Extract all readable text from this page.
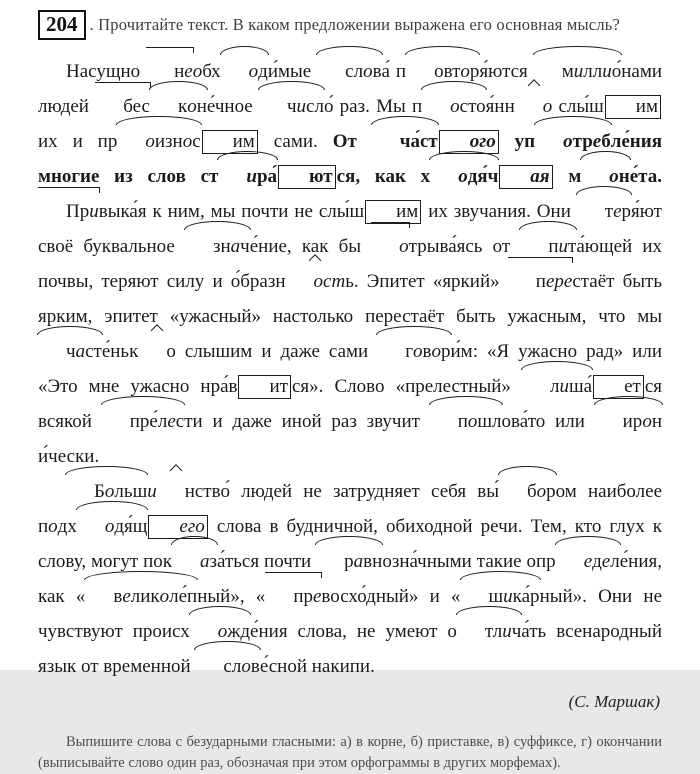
204 . Прочитайте текст. В каком предложении выражена его основная мысль?

Насущно необх оди́мые слова́ п овторя́ются миллио́нами людей бес коне́чное число́ раз. Мы п остоя́нн о слы́ш им их и пр оизнос им сами. От ча́ст ого уп отребле́ния многие из слов ст ира́ ют ся, как х одя́ч ая м оне́та. Привыка́я к ним, мы почти не слы́ш им их звучания. Они теря́ют своё буквальное значе́ние, как бы отрыва́ясь от пита́ющей их почвы, теряют силу и о́бразн ость. Эпитет «яркий» перестаёт быть ярким, эпитет «ужасный» настолько перестаёт быть ужасным, что мы часте́ньк о слышим и даже сами говори́м: «Я ужасно рад» или «Это мне ужасно нра́в ит ся». Слово «прелестный» лиша́ ет ся всякой пре́лести и даже иной раз звучит пошлова́то или ирони́чески.

Больши нство́ людей не затрудняет себя вы́ бором наиболее подх одя́щ его слова в будничной, обиходной речи. Тем, кто глух к слову, могут пок аза́ться почти равнозна́чными такие опр еделе́ния, как « великоле́пный», « превосхо́дный» и « шика́рный». Они не чувствуют происх ожде́ния слова, не умеют о тлича́ть всенародный язык от временной слове́сной накипи.

(С. Маршак)
Выпишите слова с безударными гласными: а) в корне, б) приставке, в) суффиксе, г) окончании (выписывайте слово один раз, обозначая при этом орфограммы в других морфемах).
